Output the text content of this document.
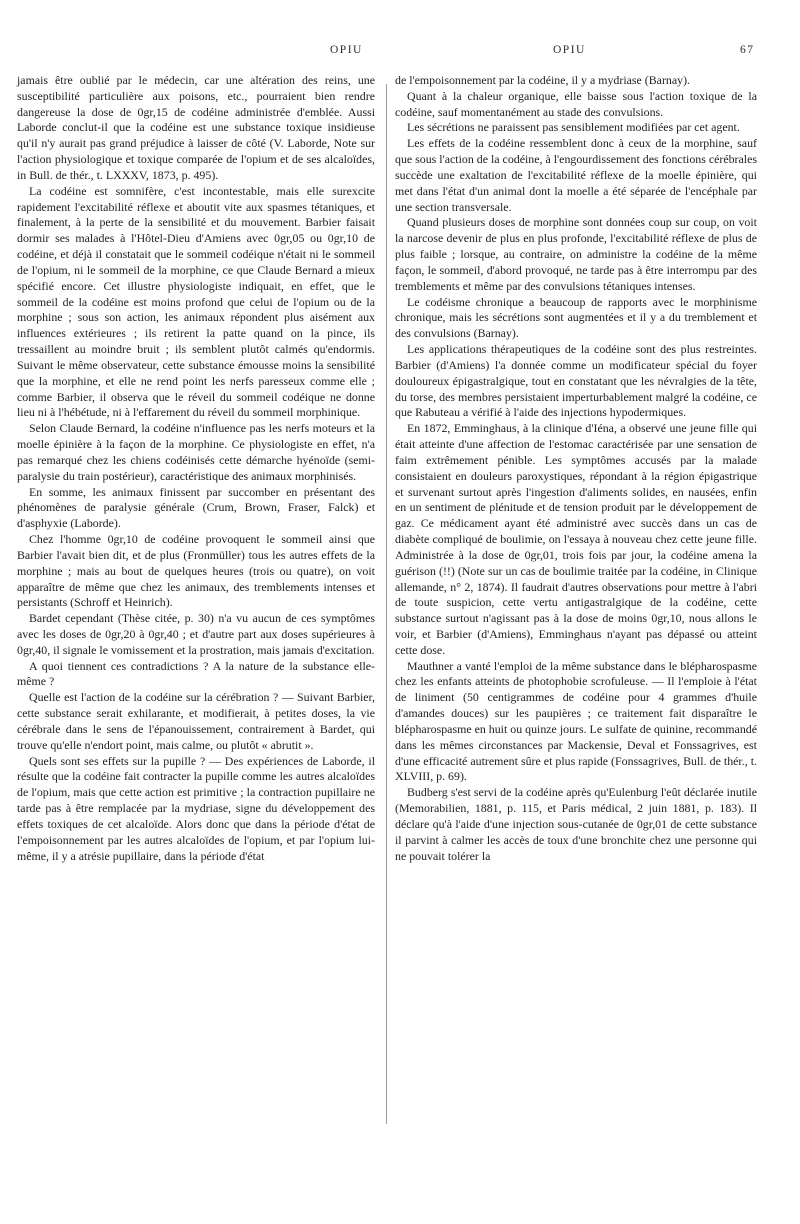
OPIU	OPIU	67

jamais être oublié par le médecin, car une altération des reins, une susceptibilité particulière aux poisons, etc., pourraient bien rendre dangereuse la dose de 0gr,15 de codéine administrée d'emblée. Aussi Laborde conclut-il que la codéine est une substance toxique insidieuse qu'il n'y aurait pas grand préjudice à laisser de côté (V. Laborde, Note sur l'action physiologique et toxique comparée de l'opium et de ses alcaloïdes, in Bull. de thér., t. LXXXV, 1873, p. 495).

La codéine est somnifère, c'est incontestable, mais elle surexcite rapidement l'excitabilité réflexe et aboutit vite aux spasmes tétaniques, et finalement, à la perte de la sensibilité et du mouvement. Barbier faisait dormir ses malades à l'Hôtel-Dieu d'Amiens avec 0gr,05 ou 0gr,10 de codéine, et déjà il constatait que le sommeil codéique n'était ni le sommeil de l'opium, ni le sommeil de la morphine, ce que Claude Bernard a mieux spécifié encore. Cet illustre physiologiste indiquait, en effet, que le sommeil de la codéine est moins profond que celui de l'opium ou de la morphine ; sous son action, les animaux répondent plus aisément aux influences extérieures ; ils retirent la patte quand on la pince, ils tressaillent au moindre bruit ; ils semblent plutôt calmés qu'endormis. Suivant le même observateur, cette substance émousse moins la sensibilité que la morphine, et elle ne rend point les nerfs paresseux comme elle ; comme Barbier, il observa que le réveil du sommeil codéique ne donne lieu ni à l'hébétude, ni à l'effarement du réveil du sommeil morphinique.

Selon Claude Bernard, la codéine n'influence pas les nerfs moteurs et la moelle épinière à la façon de la morphine. Ce physiologiste en effet, n'a pas remarqué chez les chiens codéinisés cette démarche hyénoïde (semi-paralysie du train postérieur), caractéristique des animaux morphinisés.

En somme, les animaux finissent par succomber en présentant des phénomènes de paralysie générale (Crum, Brown, Fraser, Falck) et d'asphyxie (Laborde).

Chez l'homme 0gr,10 de codéine provoquent le sommeil ainsi que Barbier l'avait bien dit, et de plus (Fronmüller) tous les autres effets de la morphine ; mais au bout de quelques heures (trois ou quatre), on voit apparaître de même que chez les animaux, des tremblements intenses et persistants (Schroff et Heinrich).

Bardet cependant (Thèse citée, p. 30) n'a vu aucun de ces symptômes avec les doses de 0gr,20 à 0gr,40 ; et d'autre part aux doses supérieures à 0gr,40, il signale le vomissement et la prostration, mais jamais d'excitation.

A quoi tiennent ces contradictions ? A la nature de la substance elle-même ?

Quelle est l'action de la codéine sur la cérébration ? — Suivant Barbier, cette substance serait exhilarante, et modifierait, à petites doses, la vie cérébrale dans le sens de l'épanouissement, contrairement à Bardet, qui trouve qu'elle n'endort point, mais calme, ou plutôt « abrutit ».

Quels sont ses effets sur la pupille ? — Des expériences de Laborde, il résulte que la codéine fait contracter la pupille comme les autres alcaloïdes de l'opium, mais que cette action est primitive ; la contraction pupillaire ne tarde pas à être remplacée par la mydriase, signe du développement des effets toxiques de cet alcaloïde. Alors donc que dans la période d'état de l'empoisonnement par les autres alcaloïdes de l'opium, et par l'opium lui-même, il y a atrésie pupillaire, dans la période d'état

de l'empoisonnement par la codéine, il y a mydriase (Barnay).

Quant à la chaleur organique, elle baisse sous l'action toxique de la codéine, sauf momentanément au stade des convulsions.

Les sécrétions ne paraissent pas sensiblement modifiées par cet agent.

Les effets de la codéine ressemblent donc à ceux de la morphine, sauf que sous l'action de la codéine, à l'engourdissement des fonctions cérébrales succède une exaltation de l'excitabilité réflexe de la moelle épinière, qui met dans l'état d'un animal dont la moelle a été séparée de l'encéphale par une section transversale.

Quand plusieurs doses de morphine sont données coup sur coup, on voit la narcose devenir de plus en plus profonde, l'excitabilité réflexe de plus de plus faible ; lorsque, au contraire, on administre la codéine de la même façon, le sommeil, d'abord provoqué, ne tarde pas à être interrompu par des tremblements et même par des convulsions tétaniques intenses.

Le codéisme chronique a beaucoup de rapports avec le morphinisme chronique, mais les sécrétions sont augmentées et il y a du tremblement et des convulsions (Barnay).

Les applications thérapeutiques de la codéine sont des plus restreintes. Barbier (d'Amiens) l'a donnée comme un modificateur spécial du foyer douloureux épigastralgique, tout en constatant que les névralgies de la tête, du torse, des membres persistaient imperturbablement malgré la codéine, ce que Rabuteau a vérifié à l'aide des injections hypodermiques.

En 1872, Emminghaus, à la clinique d'Iéna, a observé une jeune fille qui était atteinte d'une affection de l'estomac caractérisée par une sensation de faim extrêmement pénible. Les symptômes accusés par la malade consistaient en douleurs paroxystiques, répondant à la région épigastrique et survenant surtout après l'ingestion d'aliments solides, en nausées, enfin en un sentiment de plénitude et de tension produit par le développement de gaz. Ce médicament ayant été administré avec succès dans un cas de diabète compliqué de boulimie, on l'essaya à nouveau chez cette jeune fille. Administrée à la dose de 0gr,01, trois fois par jour, la codéine amena la guérison (!!) (Note sur un cas de boulimie traitée par la codéine, in Clinique allemande, n° 2, 1874). Il faudrait d'autres observations pour mettre à l'abri de toute suspicion, cette vertu antigastralgique de la codéine, cette substance surtout n'agissant pas à la dose de moins 0gr,10, nous allons le voir, et Barbier (d'Amiens), Emminghaus n'ayant pas dépassé ou atteint cette dose.

Mauthner a vanté l'emploi de la même substance dans le blépharospasme chez les enfants atteints de photophobie scrofuleuse. — Il l'emploie à l'état de liniment (50 centigrammes de codéine pour 4 grammes d'huile d'amandes douces) sur les paupières ; ce traitement fait disparaître le blépharospasme en huit ou quinze jours. Le sulfate de quinine, recommandé dans les mêmes circonstances par Mackensie, Deval et Fonssagrives, est d'une efficacité autrement sûre et plus rapide (Fonssagrives, Bull. de thér., t. XLVIII, p. 69).

Budberg s'est servi de la codéine après qu'Eulenburg l'eût déclarée inutile (Memorabilien, 1881, p. 115, et Paris médical, 2 juin 1881, p. 183). Il déclare qu'à l'aide d'une injection sous-cutanée de 0gr,01 de cette substance il parvint à calmer les accès de toux d'une bronchite chez une personne qui ne pouvait tolérer la
